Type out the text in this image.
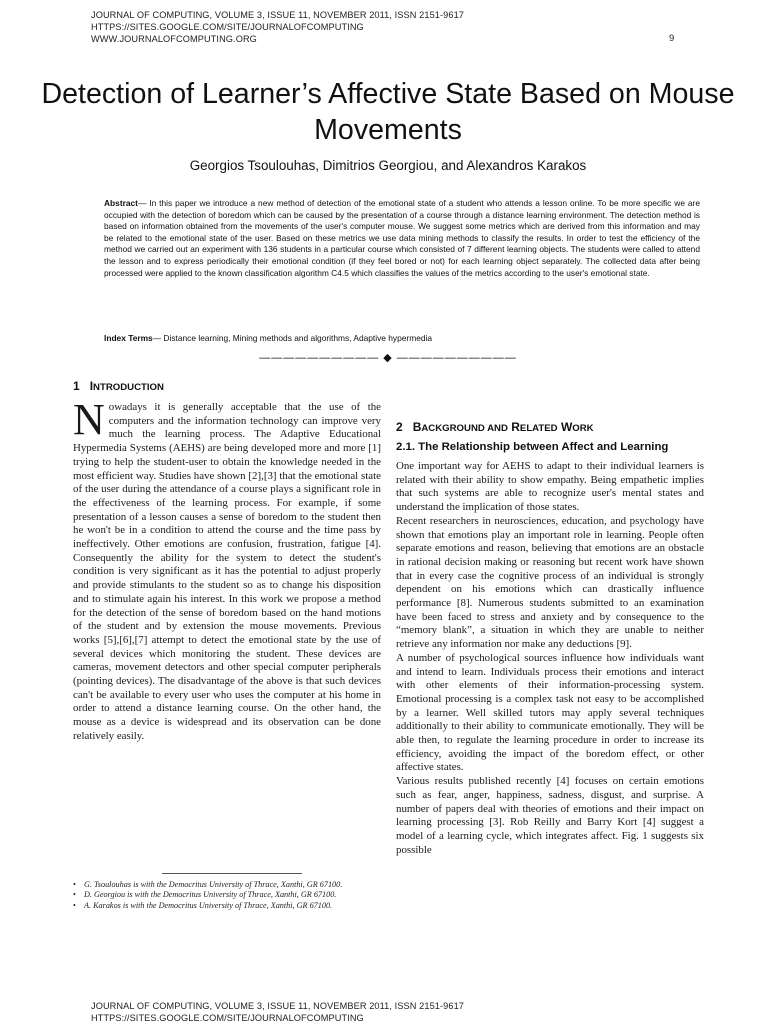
JOURNAL OF COMPUTING, VOLUME 3, ISSUE 11, NOVEMBER 2011, ISSN 2151-9617
HTTPS://SITES.GOOGLE.COM/SITE/JOURNALOFCOMPUTING
WWW.JOURNALOFCOMPUTING.ORG	9
Detection of Learner’s Affective State Based on Mouse Movements
Georgios Tsoulouhas, Dimitrios Georgiou, and Alexandros Karakos

Abstract— In this paper we introduce a new method of detection of the emotional state of a student who attends a lesson online. To be more specific we are occupied with the detection of boredom which can be caused by the presentation of a course through a distance learning environment. The detection method is based on information obtained from the movements of the user's computer mouse. We suggest some metrics which are derived from this information and may be related to the emotional state of the user. Based on these metrics we use data mining methods to classify the results. In order to test the efficiency of the method we carried out an experiment with 136 students in a particular course which consisted of 7 different learning objects. The students were called to attend the lesson and to express periodically their emotional condition (if they feel bored or not) for each learning object separately. The collected data after being processed were applied to the known classification algorithm C4.5 which classifies the values of the metrics according to the user's emotional state.

Index Terms— Distance learning, Mining methods and algorithms, Adaptive hypermedia

—————————— ◆ ——————————
1 INTRODUCTION

Nowadays it is generally acceptable that the use of the computers and the information technology can improve very much the learning process. The Adaptive Educational Hypermedia Systems (AEHS) are being developed more and more [1] trying to help the student-user to obtain the knowledge needed in the most efficient way. Studies have shown [2],[3] that the emotional state of the user during the attendance of a course plays a significant role in the effectiveness of the learning process. For example, if some presentation of a lesson causes a sense of boredom to the student then he won't be in a condition to attend the course and the time pass by ineffectively. Other emotions are confusion, frustration, fatigue [4]. Consequently the ability for the system to detect the student's condition is very significant as it has the potential to adjust properly and provide stimulants to the student so as to change his disposition and to stimulate again his interest. In this work we propose a method for the detection of the sense of boredom based on the hand motions of the student and by extension the mouse movements. Previous works [5],[6],[7] attempt to detect the emotional state by the use of several devices which monitoring the student. These devices are cameras, movement detectors and other special computer peripherals (pointing devices). The disadvantage of the above is that such devices can't be available to every user who uses the computer at his home in order to attend a distance learning course. On the other hand, the mouse as a device is widespread and its observation can be done relatively easily.

• G. Tsoulouhas is with the Democritus University of Thrace, Xanthi, GR 67100.
• D. Georgiou is with the Democritus University of Thrace, Xanthi, GR 67100.
• A. Karakos is with the Democritus University of Thrace, Xanthi, GR 67100.
2 BACKGROUND AND RELATED WORK
2.1. The Relationship between Affect and Learning

One important way for AEHS to adapt to their individual learners is related with their ability to show empathy. Being empathetic implies that such systems are able to recognize user's mental states and understand the implication of those states.

Recent researchers in neurosciences, education, and psychology have shown that emotions play an important role in learning. People often separate emotions and reason, believing that emotions are an obstacle in rational decision making or reasoning but recent work have shown that in every case the cognitive process of an individual is strongly dependent on his emotions which can drastically influence performance [8]. Numerous students submitted to an examination have been faced to stress and anxiety and by consequence to the “memory blank”, a situation in which they are unable to neither retrieve any information nor make any deductions [9].

A number of psychological sources influence how individuals want and intend to learn. Individuals process their emotions and interact with other elements of their information-processing system. Emotional processing is a complex task not easy to be accomplished by a learner. Well skilled tutors may apply several techniques additionally to their ability to communicate emotionally. They will be able then, to regulate the learning procedure in order to increase its efficiency, avoiding the impact of the boredom effect, or other affective states.

Various results published recently [4] focuses on certain emotions such as fear, anger, happiness, sadness, disgust, and surprise. A number of papers deal with theories of emotions and their impact on learning processing [3]. Rob Reilly and Barry Kort [4] suggest a model of a learning cycle, which integrates affect. Fig. 1 suggests six possible

JOURNAL OF COMPUTING, VOLUME 3, ISSUE 11, NOVEMBER 2011, ISSN 2151-9617
HTTPS://SITES.GOOGLE.COM/SITE/JOURNALOFCOMPUTING
